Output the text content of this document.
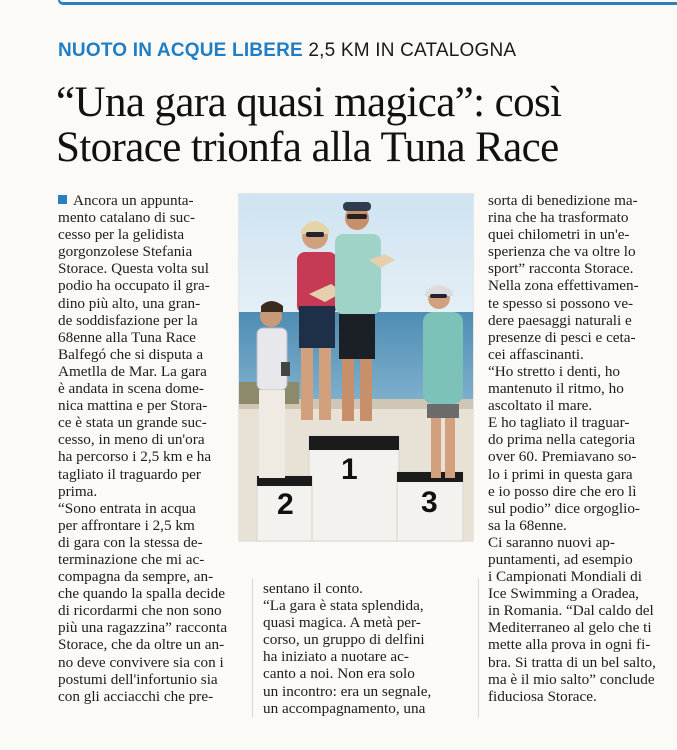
NUOTO IN ACQUE LIBERE 2,5 KM IN CATALOGNA
“Una gara quasi magica”: così
Storace trionfa alla Tuna Race
Ancora un appunta-
mento catalano di suc-
cesso per la gelidista
gorgonzolese Stefania
Storace. Questa volta sul
podio ha occupato il gra-
dino più alto, una gran-
de soddisfazione per la
68enne alla Tuna Race
Balfegó che si disputa a
Ametlla de Mar. La gara
è andata in scena dome-
nica mattina e per Stora-
ce è stata un grande suc-
cesso, in meno di un'ora
ha percorso i 2,5 km e ha
tagliato il traguardo per
prima.
“Sono entrata in acqua
per affrontare i 2,5 km
di gara con la stessa de-
terminazione che mi ac-
compagna da sempre, an-
che quando la spalla decide
di ricordarmi che non sono
più una ragazzina” racconta
Storace, che da oltre un an-
no deve convivere sia con i
postumi dell'infortunio sia
con gli acciacchi che pre-
1
2	3
sentano il conto.
“La gara è stata splendida,
quasi magica. A metà per-
corso, un gruppo di delfini
ha iniziato a nuotare ac-
canto a noi. Non era solo
un incontro: era un segnale,
un accompagnamento, una
sorta di benedizione ma-
rina che ha trasformato
quei chilometri in un'e-
sperienza che va oltre lo
sport” racconta Storace.
Nella zona effettivamen-
te spesso si possono ve-
dere paesaggi naturali e
presenze di pesci e ceta-
cei affascinanti.
“Ho stretto i denti, ho
mantenuto il ritmo, ho
ascoltato il mare.
E ho tagliato il traguar-
do prima nella categoria
over 60. Premiavano so-
lo i primi in questa gara
e io posso dire che ero lì
sul podio” dice orgoglio-
sa la 68enne.
Ci saranno nuovi ap-
puntamenti, ad esempio
i Campionati Mondiali di
Ice Swimming a Oradea,
in Romania. “Dal caldo del
Mediterraneo al gelo che ti
mette alla prova in ogni fi-
bra. Si tratta di un bel salto,
ma è il mio salto” conclude
fiduciosa Storace.
